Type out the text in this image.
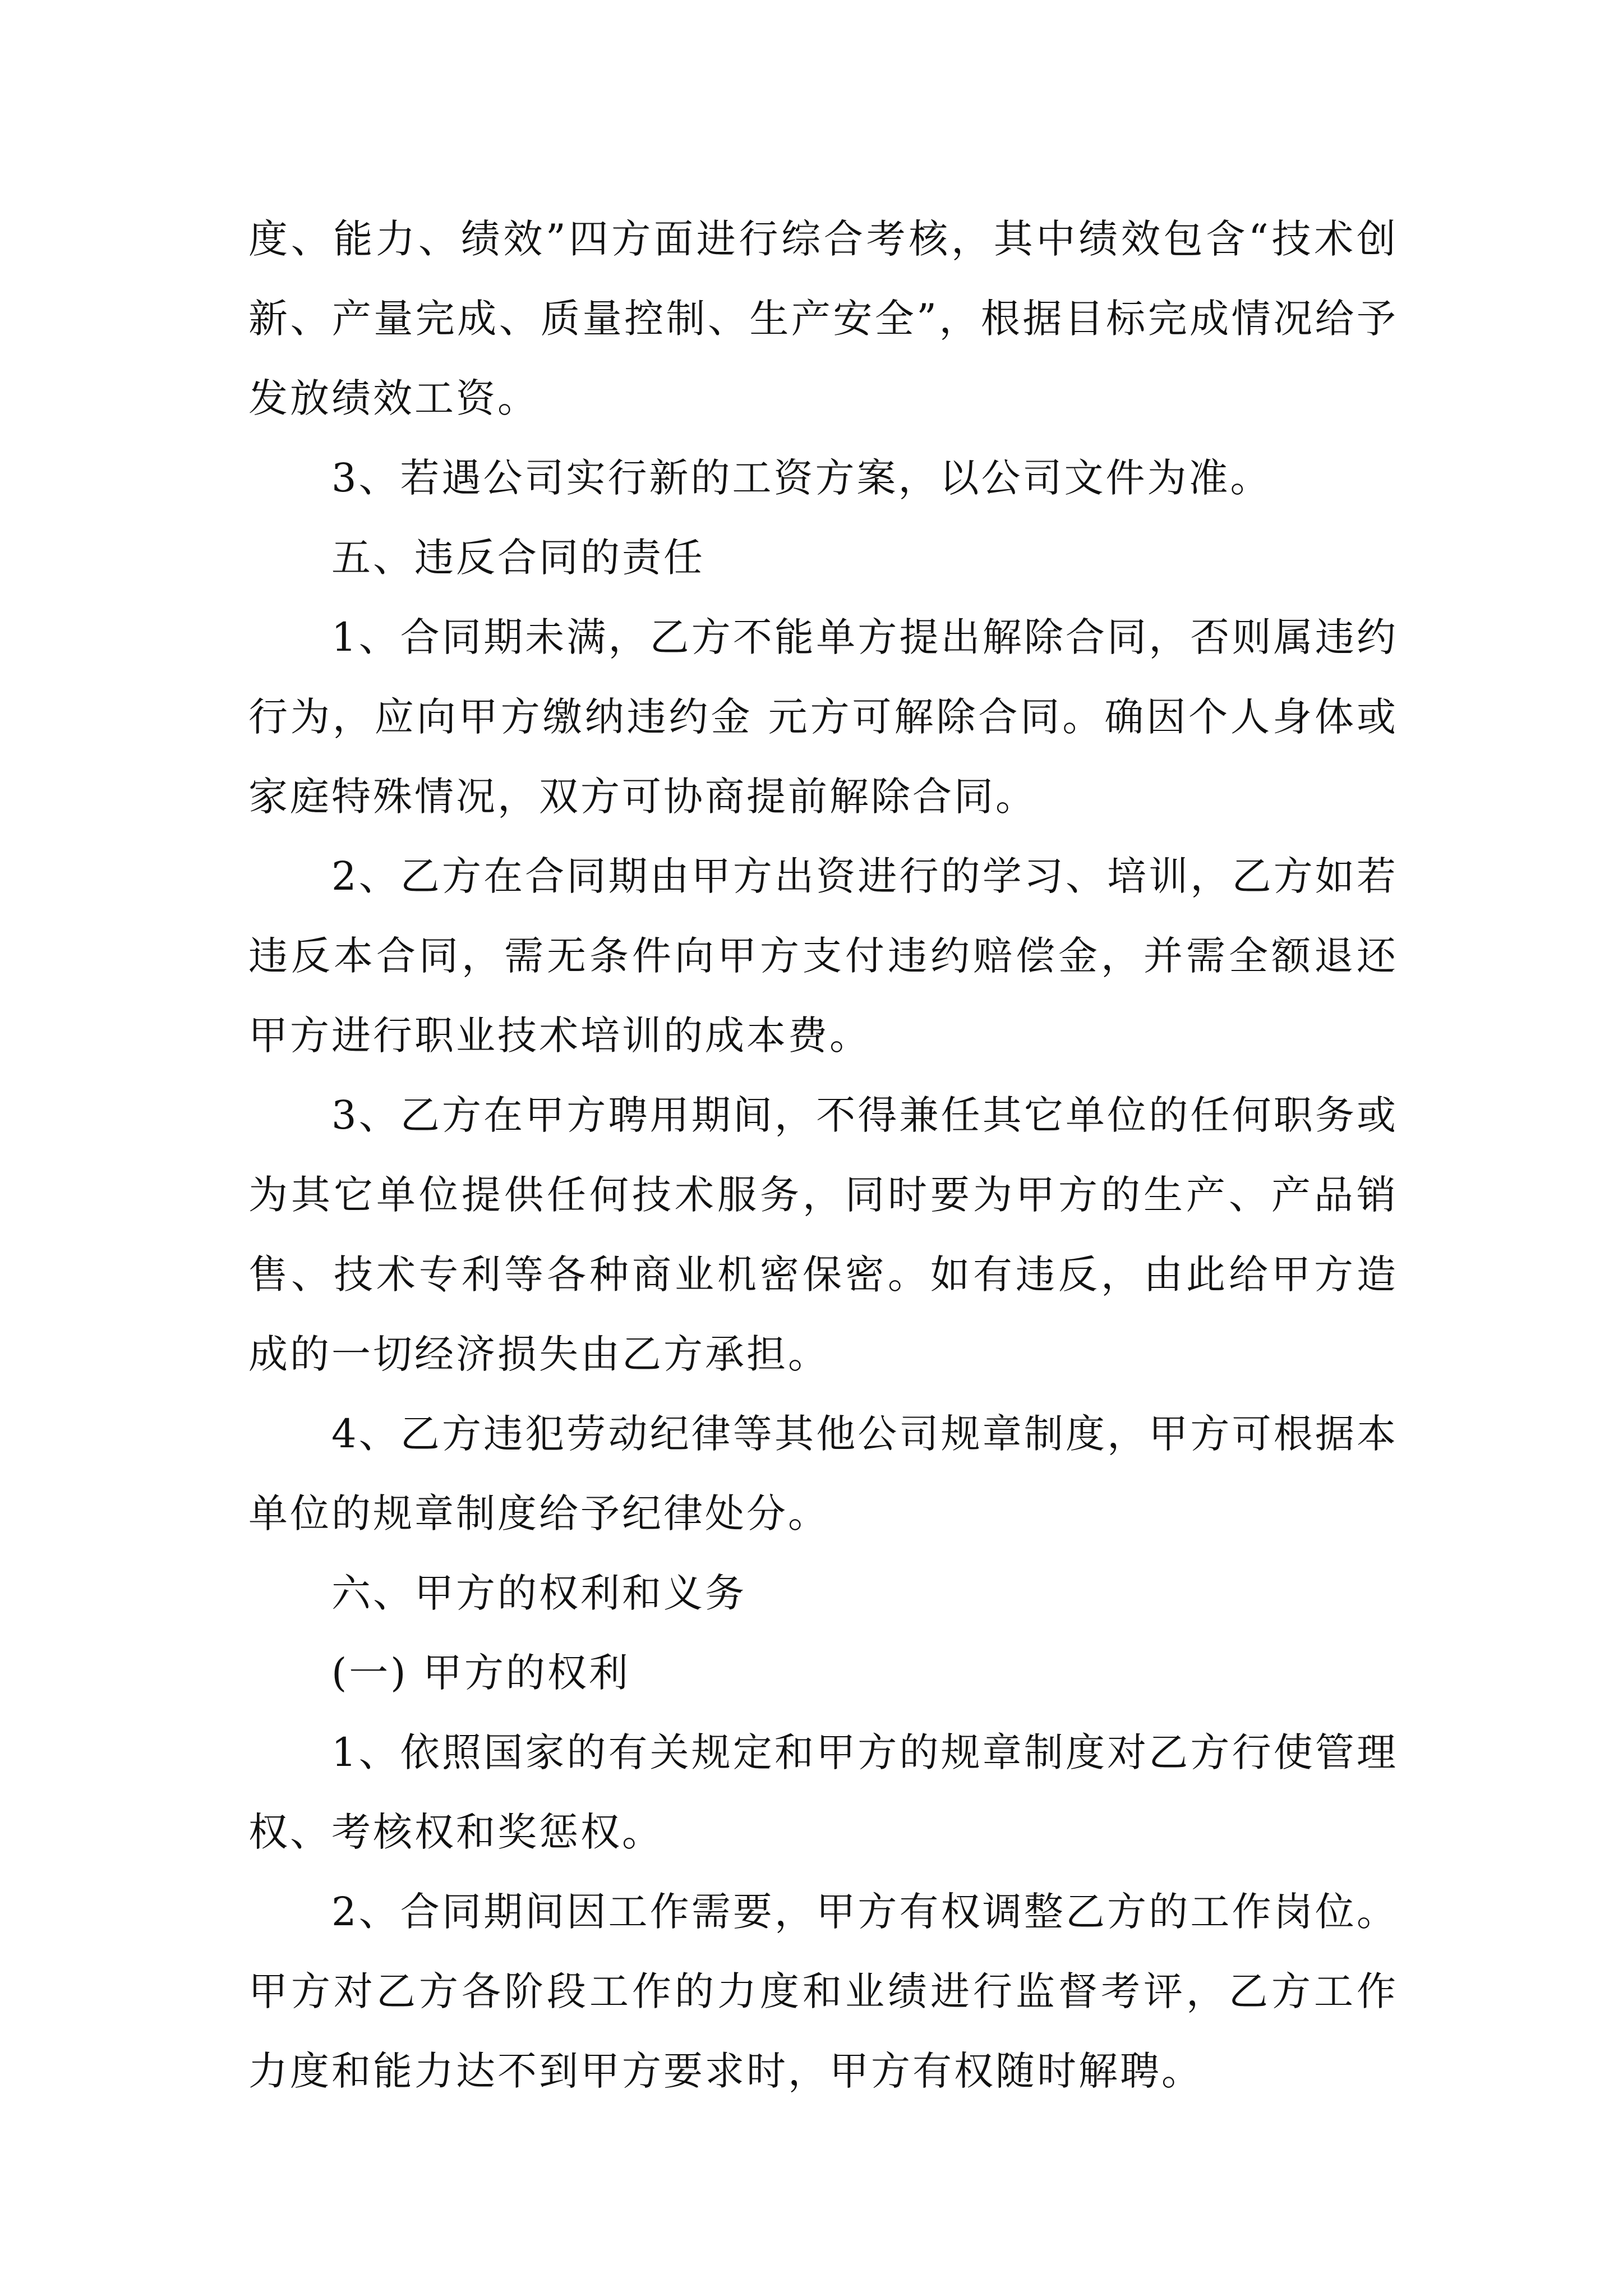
度、能力、绩效”四方面进行综合考核，其中绩效包含“技术创新、产量完成、质量控制、生产安全”，根据目标完成情况给予发放绩效工资。

3、若遇公司实行新的工资方案，以公司文件为准。

五、违反合同的责任

1、合同期未满，乙方不能单方提出解除合同，否则属违约行为，应向甲方缴纳违约金 元方可解除合同。确因个人身体或家庭特殊情况，双方可协商提前解除合同。

2、乙方在合同期由甲方出资进行的学习、培训，乙方如若违反本合同，需无条件向甲方支付违约赔偿金，并需全额退还甲方进行职业技术培训的成本费。

3、乙方在甲方聘用期间，不得兼任其它单位的任何职务或为其它单位提供任何技术服务，同时要为甲方的生产、产品销售、技术专利等各种商业机密保密。如有违反，由此给甲方造成的一切经济损失由乙方承担。

4、乙方违犯劳动纪律等其他公司规章制度，甲方可根据本单位的规章制度给予纪律处分。

六、甲方的权利和义务

(一) 甲方的权利

1、依照国家的有关规定和甲方的规章制度对乙方行使管理权、考核权和奖惩权。

2、合同期间因工作需要，甲方有权调整乙方的工作岗位。甲方对乙方各阶段工作的力度和业绩进行监督考评，乙方工作力度和能力达不到甲方要求时，甲方有权随时解聘。
